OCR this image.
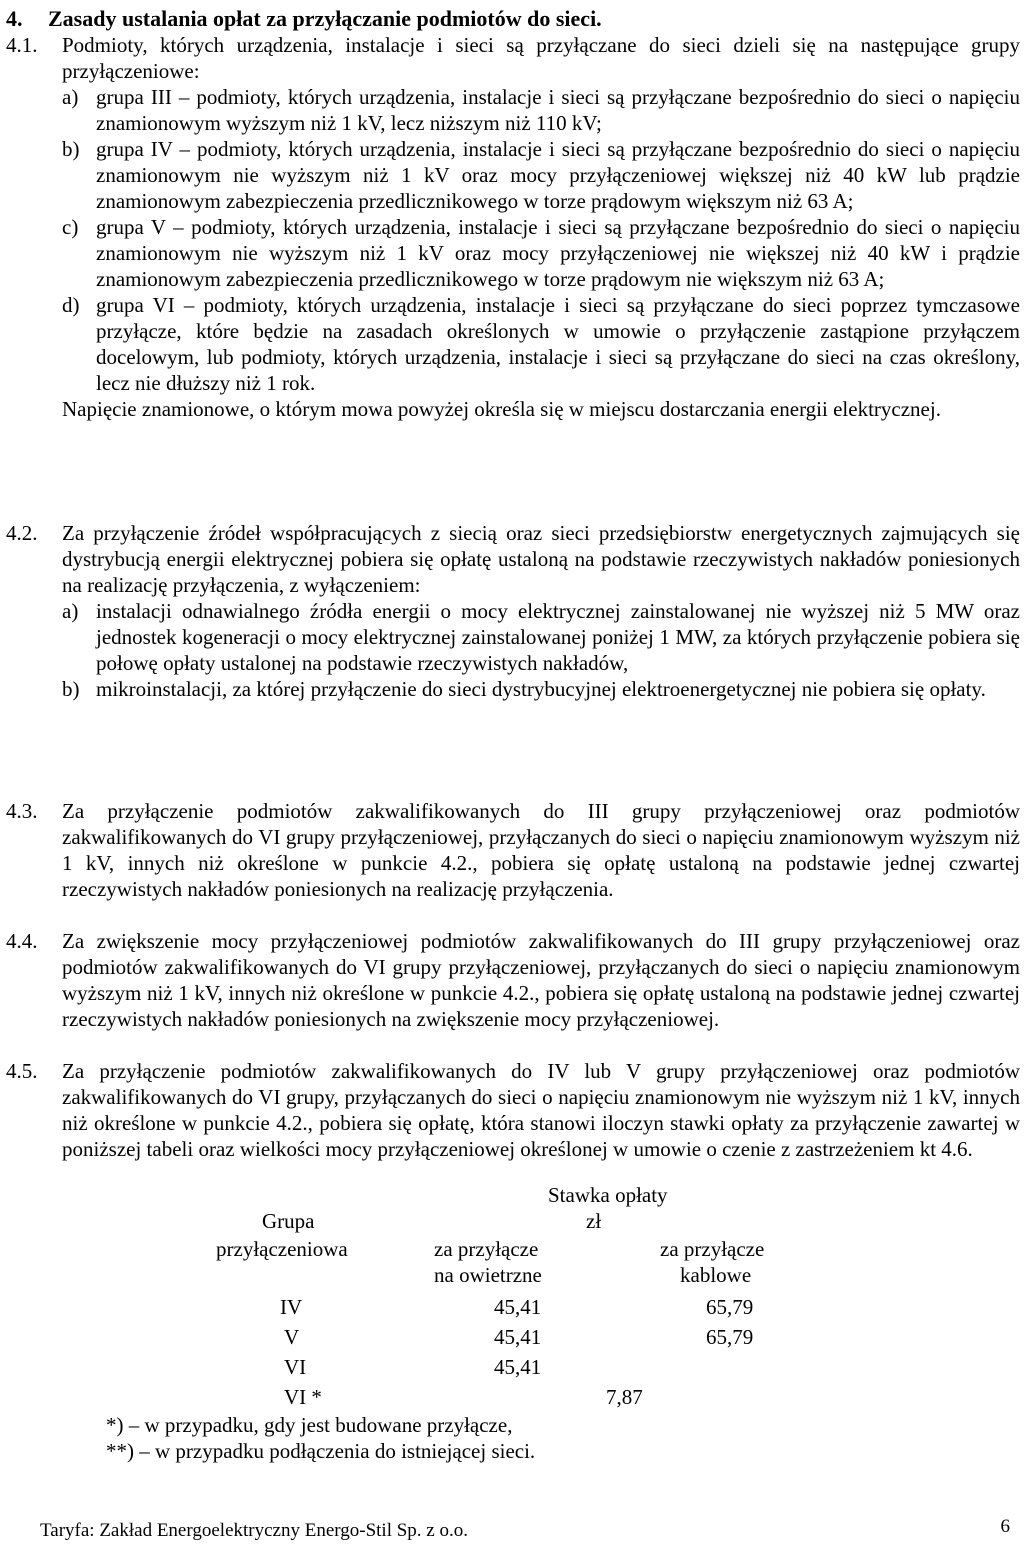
4. Zasady ustalania opłat za przyłączanie podmiotów do sieci.
4.1.	Podmioty, których urządzenia, instalacje i sieci są przyłączane do sieci dzieli się na następujące grupy przyłączeniowe:
a) grupa III – podmioty, których urządzenia, instalacje i sieci są przyłączane bezpośrednio do sieci o napięciu znamionowym wyższym niż 1 kV, lecz niższym niż 110 kV;
b) grupa IV – podmioty, których urządzenia, instalacje i sieci są przyłączane bezpośrednio do sieci o napięciu znamionowym nie wyższym niż 1 kV oraz mocy przyłączeniowej większej niż 40 kW lub prądzie znamionowym zabezpieczenia przedlicznikowego w torze prądowym większym niż 63 A;
c) grupa V – podmioty, których urządzenia, instalacje i sieci są przyłączane bezpośrednio do sieci o napięciu znamionowym nie wyższym niż 1 kV oraz mocy przyłączeniowej nie większej niż 40 kW i prądzie znamionowym zabezpieczenia przedlicznikowego w torze prądowym nie większym niż 63 A;
d) grupa VI – podmioty, których urządzenia, instalacje i sieci są przyłączane do sieci poprzez tymczasowe przyłącze, które będzie na zasadach określonych w umowie o przyłączenie zastąpione przyłączem docelowym, lub podmioty, których urządzenia, instalacje i sieci są przyłączane do sieci na czas określony, lecz nie dłuższy niż 1 rok.
Napięcie znamionowe, o którym mowa powyżej określa się w miejscu dostarczania energii elektrycznej.
4.2.	Za przyłączenie źródeł współpracujących z siecią oraz sieci przedsiębiorstw energetycznych zajmujących się dystrybucją energii elektrycznej pobiera się opłatę ustaloną na podstawie rzeczywistych nakładów poniesionych na realizację przyłączenia, z wyłączeniem:
a) instalacji odnawialnego źródła energii o mocy elektrycznej zainstalowanej nie wyższej niż 5 MW oraz jednostek kogeneracji o mocy elektrycznej zainstalowanej poniżej 1 MW, za których przyłączenie pobiera się połowę opłaty ustalonej na podstawie rzeczywistych nakładów,
b) mikroinstalacji, za której przyłączenie do sieci dystrybucyjnej elektroenergetycznej nie pobiera się opłaty.
4.3.	Za przyłączenie podmiotów zakwalifikowanych do III grupy przyłączeniowej oraz podmiotów zakwalifikowanych do VI grupy przyłączeniowej, przyłączanych do sieci o napięciu znamionowym wyższym niż 1 kV, innych niż określone w punkcie 4.2., pobiera się opłatę ustaloną na podstawie jednej czwartej rzeczywistych nakładów poniesionych na realizację przyłączenia.
4.4.	Za zwiększenie mocy przyłączeniowej podmiotów zakwalifikowanych do III grupy przyłączeniowej oraz podmiotów zakwalifikowanych do VI grupy przyłączeniowej, przyłączanych do sieci o napięciu znamionowym wyższym niż 1 kV, innych niż określone w punkcie 4.2., pobiera się opłatę ustaloną na podstawie jednej czwartej rzeczywistych nakładów poniesionych na zwiększenie mocy przyłączeniowej.
4.5.	Za przyłączenie podmiotów zakwalifikowanych do IV lub V grupy przyłączeniowej oraz podmiotów zakwalifikowanych do VI grupy, przyłączanych do sieci o napięciu znamionowym nie wyższym niż 1 kV, innych niż określone w punkcie 4.2., pobiera się opłatę, która stanowi iloczyn stawki opłaty za przyłączenie zawartej w poniższej tabeli oraz wielkości mocy przyłączeniowej określonej w umowie o czenie z zastrzeżeniem kt 4.6.
Stawka opłaty
Grupa	zł
przyłączeniowa	za przyłącze	za przyłącze
na owietrzne	kablowe
IV	45,41	65,79
V	45,41	65,79
VI	45,41
VI *	7,87
*) – w przypadku, gdy jest budowane przyłącze,
**) – w przypadku podłączenia do istniejącej sieci.
Taryfa: Zakład Energoelektryczny Energo-Stil Sp. z o.o.	6
